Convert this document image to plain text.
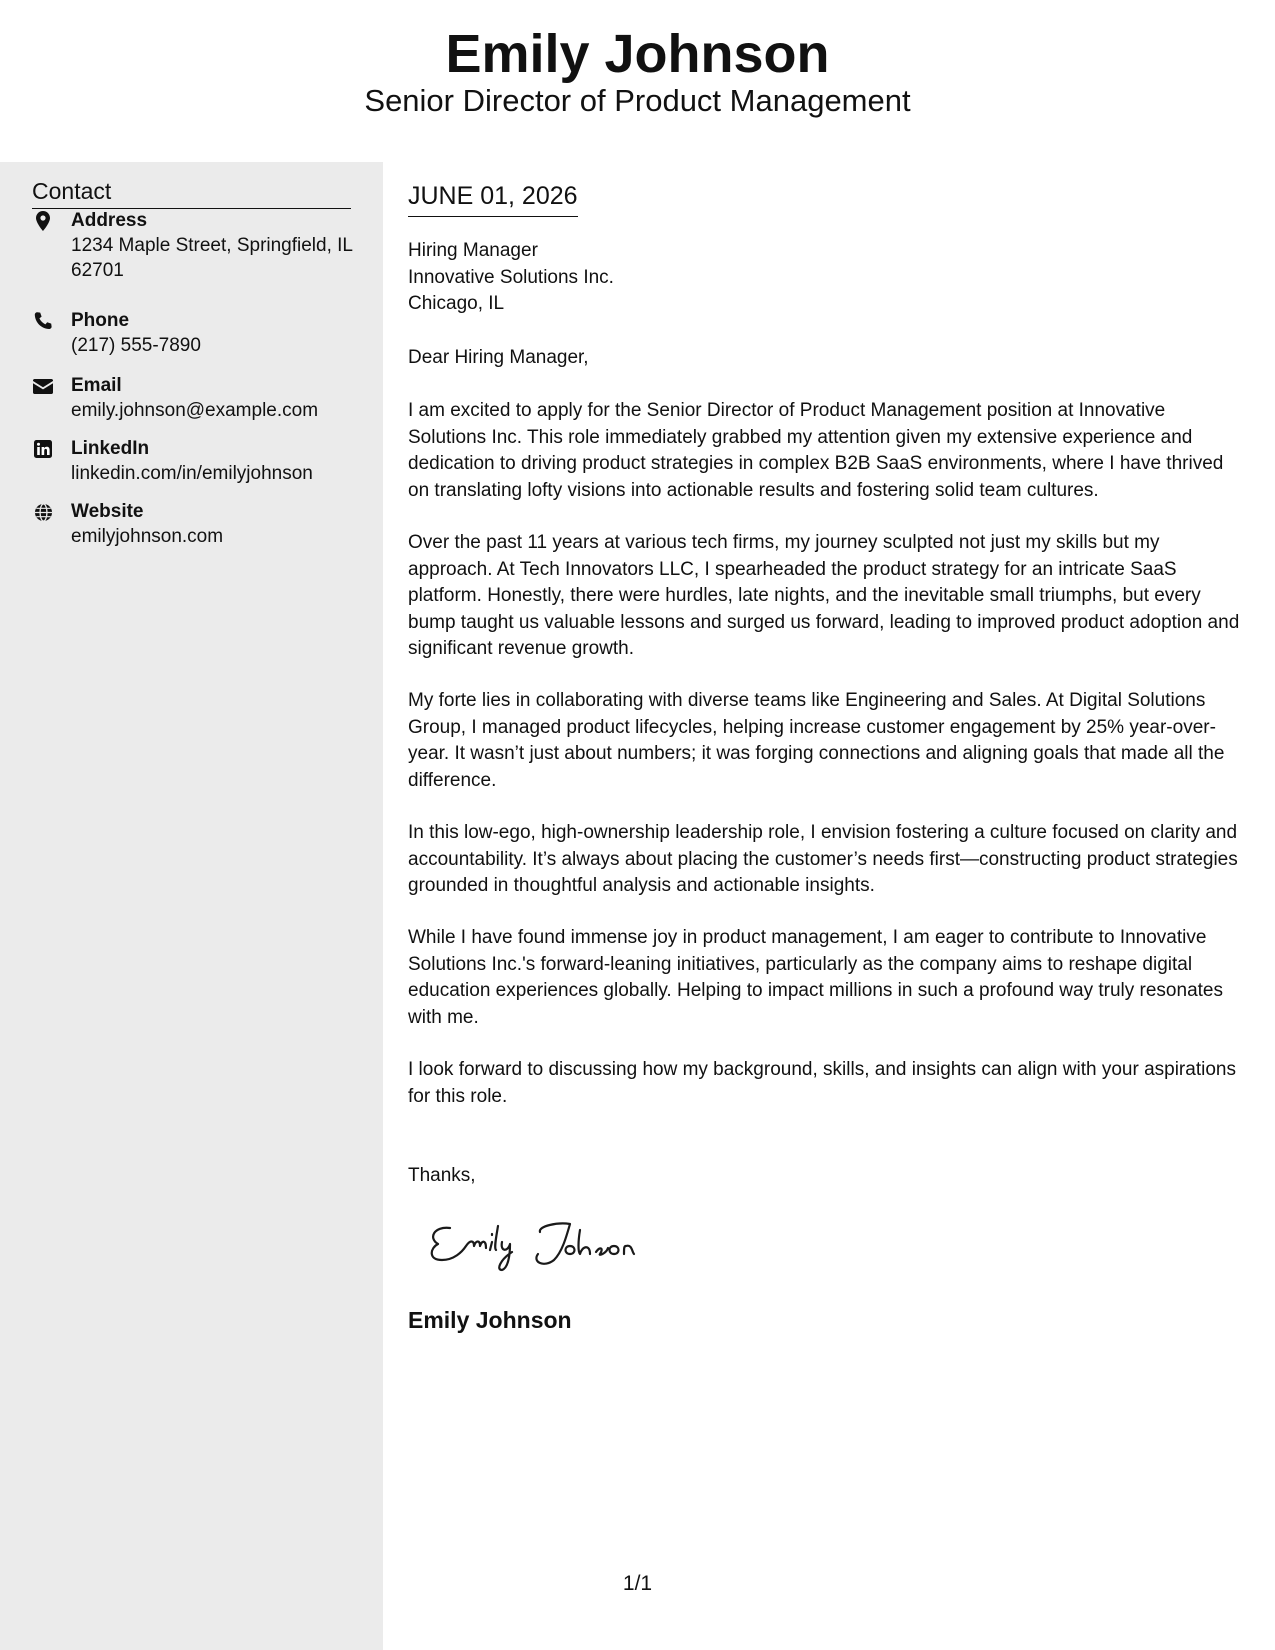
Emily Johnson
Senior Director of Product Management
Contact
Address
1234 Maple Street, Springfield, IL 62701
Phone
(217) 555-7890
Email
emily.johnson@example.com
LinkedIn
linkedin.com/in/emilyjohnson
Website
emilyjohnson.com
JUNE 01, 2026
Hiring Manager
Innovative Solutions Inc.
Chicago, IL
Dear Hiring Manager,
I am excited to apply for the Senior Director of Product Management position at Innovative Solutions Inc. This role immediately grabbed my attention given my extensive experience and dedication to driving product strategies in complex B2B SaaS environments, where I have thrived on translating lofty visions into actionable results and fostering solid team cultures.
Over the past 11 years at various tech firms, my journey sculpted not just my skills but my approach. At Tech Innovators LLC, I spearheaded the product strategy for an intricate SaaS platform. Honestly, there were hurdles, late nights, and the inevitable small triumphs, but every bump taught us valuable lessons and surged us forward, leading to improved product adoption and significant revenue growth.
My forte lies in collaborating with diverse teams like Engineering and Sales. At Digital Solutions Group, I managed product lifecycles, helping increase customer engagement by 25% year-over-year. It wasn’t just about numbers; it was forging connections and aligning goals that made all the difference.
In this low-ego, high-ownership leadership role, I envision fostering a culture focused on clarity and accountability. It’s always about placing the customer’s needs first—constructing product strategies grounded in thoughtful analysis and actionable insights.
While I have found immense joy in product management, I am eager to contribute to Innovative Solutions Inc.'s forward-leaning initiatives, particularly as the company aims to reshape digital education experiences globally. Helping to impact millions in such a profound way truly resonates with me.
I look forward to discussing how my background, skills, and insights can align with your aspirations for this role.
Thanks,
Emily Johnson
Emily Johnson
1/1
